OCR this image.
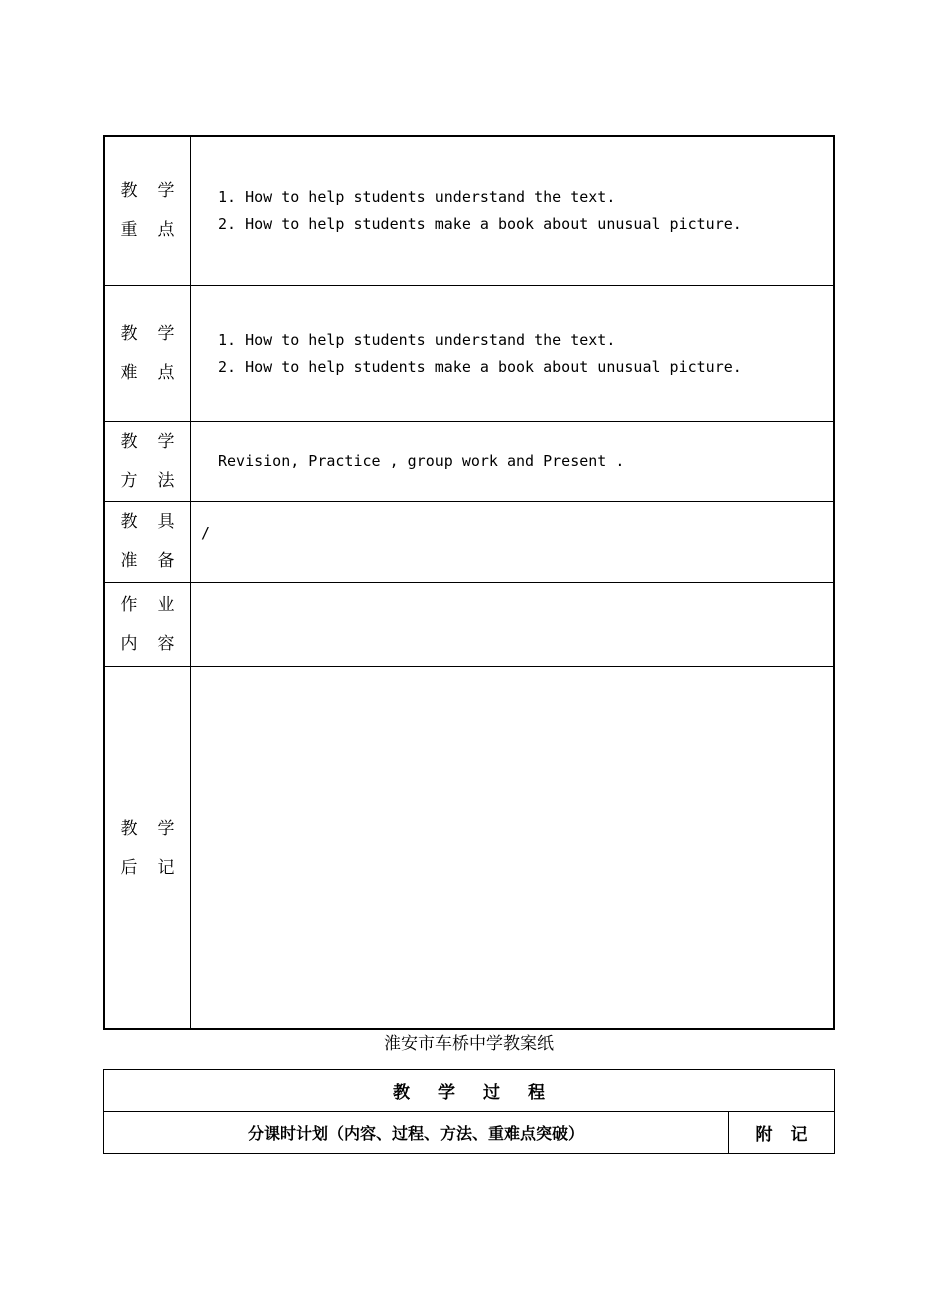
教学
重点
1. How to help students understand the text.
2. How to help students make a book about unusual picture.
教学
难点
1. How to help students understand the text.
2. How to help students make a book about unusual picture.
教学
方法
Revision, Practice , group work and Present .
教具
准备
/
作业
内容
教学
后记
淮安市车桥中学教案纸
教学过程
分课时计划（内容、过程、方法、重难点突破）	附记
